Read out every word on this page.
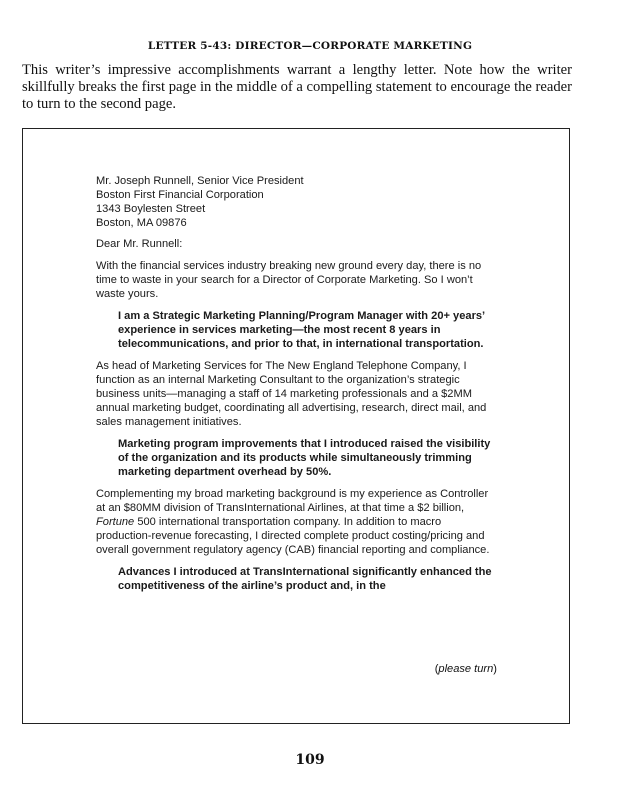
LETTER 5-43: DIRECTOR—CORPORATE MARKETING
This writer’s impressive accomplishments warrant a lengthy letter. Note how the writer skillfully breaks the first page in the middle of a compelling statement to encourage the reader to turn to the second page.

Mr. Joseph Runnell, Senior Vice President

Boston First Financial Corporation

1343 Boylesten Street

Boston, MA 09876

Dear Mr. Runnell:

With the financial services industry breaking new ground every day, there is no time to waste in your search for a Director of Corporate Marketing. So I won’t waste yours.

I am a Strategic Marketing Planning/Program Manager with 20+ years’ experience in services marketing—the most recent 8 years in telecommunications, and prior to that, in international transportation.

As head of Marketing Services for The New England Telephone Company, I function as an internal Marketing Consultant to the organization’s strategic business units—managing a staff of 14 marketing professionals and a $2MM annual marketing budget, coordinating all advertising, research, direct mail, and sales management initiatives.

Marketing program improvements that I introduced raised the visibility of the organization and its products while simultaneously trimming marketing department overhead by 50%.

Complementing my broad marketing background is my experience as Controller at an $80MM division of TransInternational Airlines, at that time a $2 billion,
Fortune 500 international transportation company. In addition to macro production-revenue forecasting, I directed complete product costing/pricing and overall government regulatory agency (CAB) financial reporting and compliance.

Advances I introduced at TransInternational significantly enhanced the competitiveness of the airline’s product and, in the

(please turn)
109
